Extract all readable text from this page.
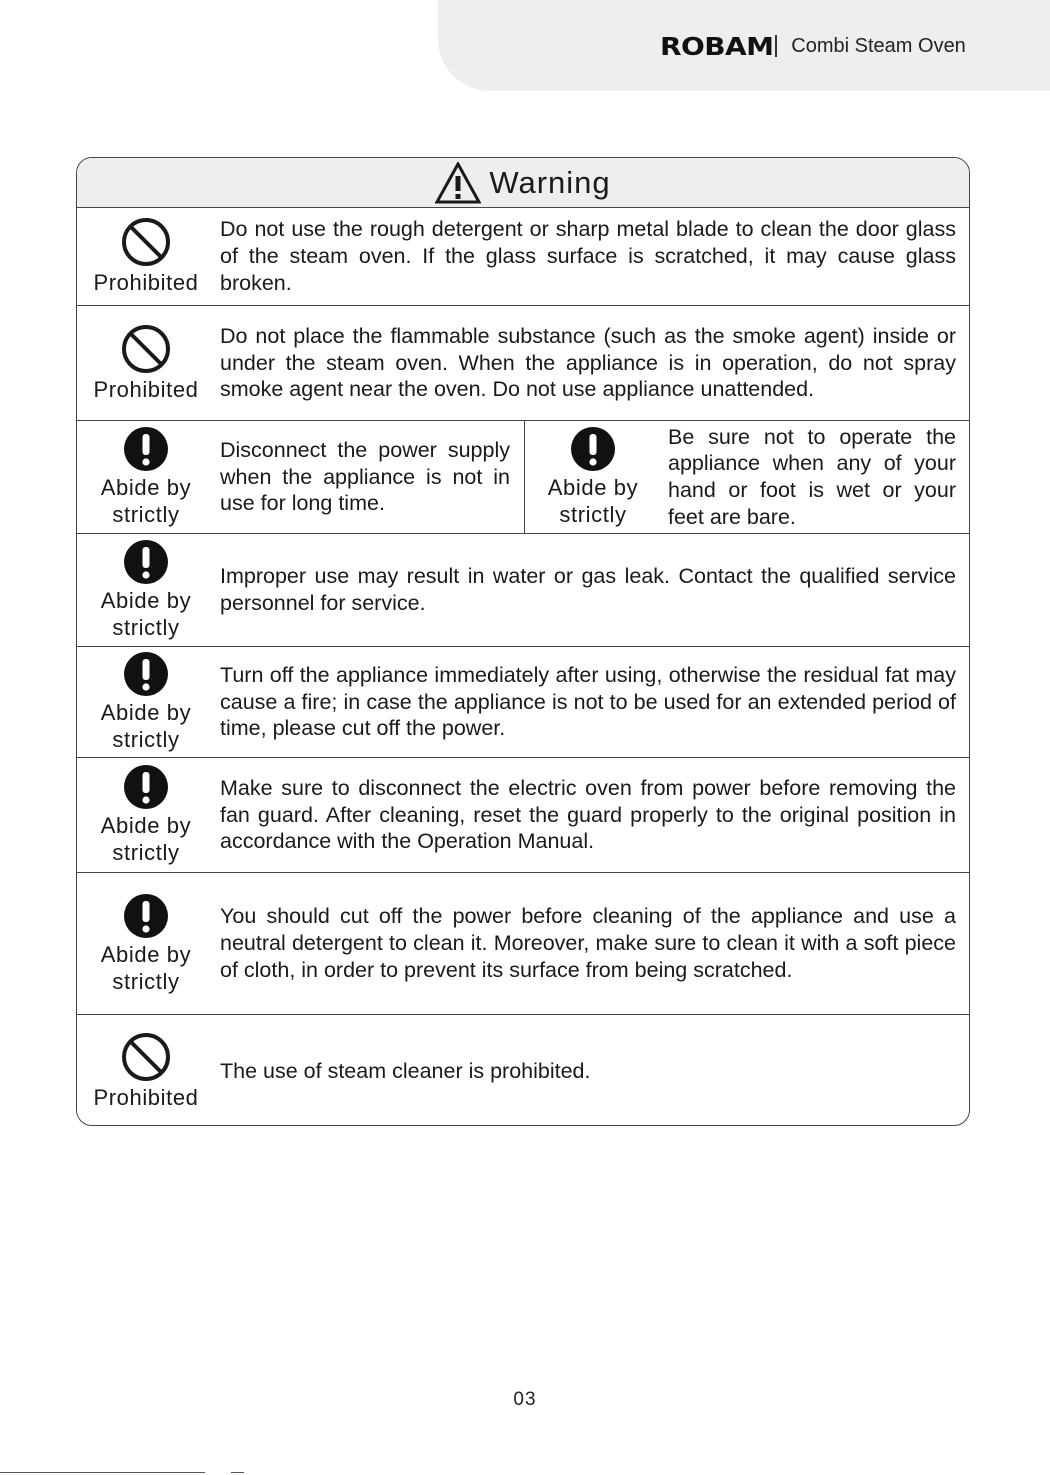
ROBAM Combi Steam Oven
Warning
Prohibited

Do not use the rough detergent or sharp metal blade to clean the door glass of the steam oven. If the glass surface is scratched, it may cause glass broken.

Prohibited

Do not place the flammable substance (such as the smoke agent) inside or under the steam oven. When the appliance is in operation, do not spray smoke agent near the oven. Do not use appliance unattended.

Abide by
strictly

Disconnect the power supply when the appliance is not in use for long time.

Abide by
strictly

Be sure not to operate the appliance when any of your hand or foot is wet or your feet are bare.

Abide by
strictly

Improper use may result in water or gas leak. Contact the qualified service personnel for service.

Abide by
strictly

Turn off the appliance immediately after using, otherwise the residual fat may cause a fire; in case the appliance is not to be used for an extended period of time, please cut off the power.

Abide by
strictly

Make sure to disconnect the electric oven from power before removing the fan guard. After cleaning, reset the guard properly to the original position in accordance with the Operation Manual.

Abide by
strictly

You should cut off the power before cleaning of the appliance and use a neutral detergent to clean it. Moreover, make sure to clean it with a soft piece of cloth, in order to prevent its surface from being scratched.

Prohibited

The use of steam cleaner is prohibited.

03
